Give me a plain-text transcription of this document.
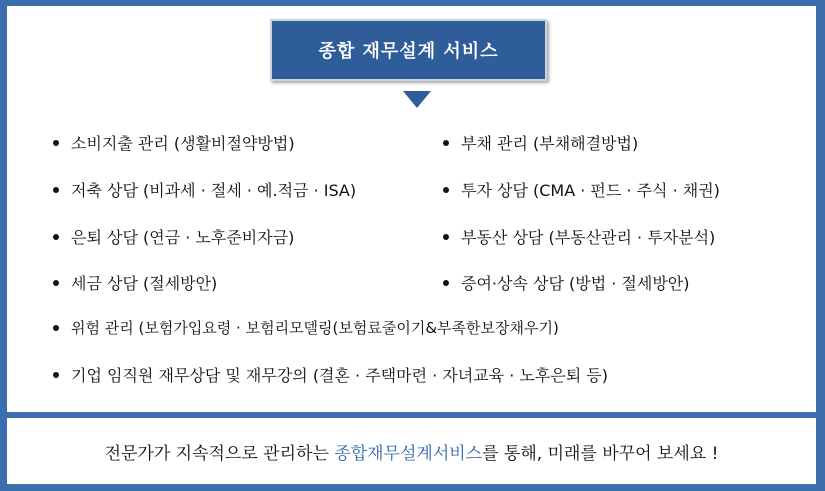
종합 재무설계 서비스
소비지출 관리 (생활비절약방법)
저축 상담 (비과세 · 절세 · 예.적금 · ISA)
은퇴 상담 (연금 · 노후준비자금)
세금 상담 (절세방안)
부채 관리 (부채해결방법)
투자 상담 (CMA · 펀드 · 주식 · 채권)
부동산 상담 (부동산관리 · 투자분석)
증여·상속 상담 (방법 · 절세방안)
위험 관리 (보험가입요령 · 보험리모델링(보험료줄이기&부족한보장채우기)
기업 임직원 재무상담 및 재무강의 (결혼 · 주택마련 · 자녀교육 · 노후은퇴 등)
전문가가 지속적으로 관리하는 종합재무설계서비스 를 통해, 미래를 바꾸어 보세요 !
